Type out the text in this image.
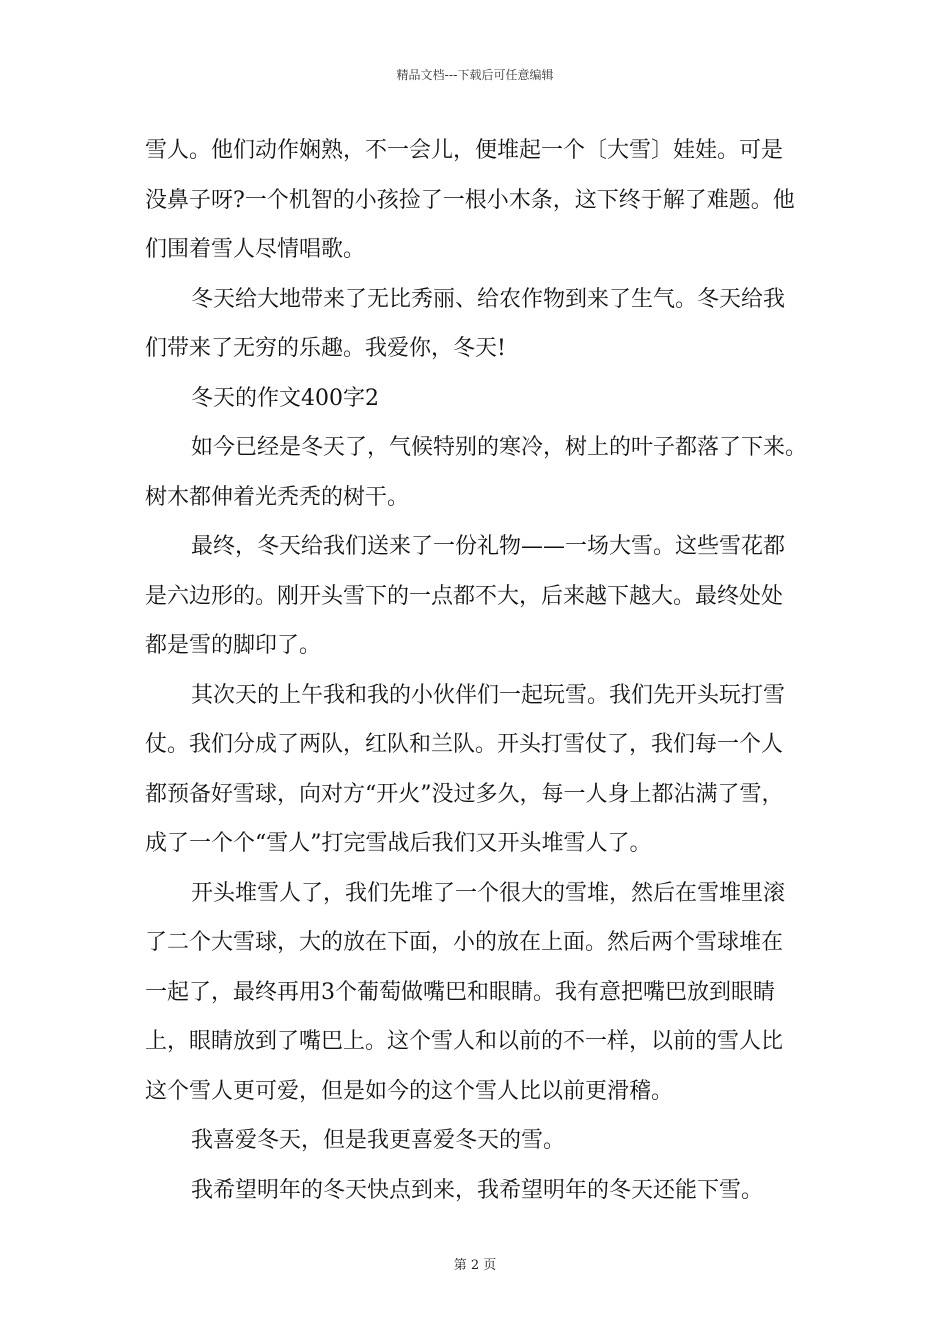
精品文档---下载后可任意编辑
雪人。他们动作娴熟，不一会儿，便堆起一个〔大雪〕娃娃。可是
没鼻子呀?一个机智的小孩捡了一根小木条，这下终于解了难题。他
们围着雪人尽情唱歌。
冬天给大地带来了无比秀丽、给农作物到来了生气。冬天给我
们带来了无穷的乐趣。我爱你，冬天!
冬天的作文400字2
如今已经是冬天了，气候特别的寒冷，树上的叶子都落了下来。
树木都伸着光秃秃的树干。
最终，冬天给我们送来了一份礼物——一场大雪。这些雪花都
是六边形的。刚开头雪下的一点都不大，后来越下越大。最终处处
都是雪的脚印了。
其次天的上午我和我的小伙伴们一起玩雪。我们先开头玩打雪
仗。我们分成了两队，红队和兰队。开头打雪仗了，我们每一个人
都预备好雪球，向对方“开火”没过多久，每一人身上都沾满了雪，
成了一个个“雪人”打完雪战后我们又开头堆雪人了。
开头堆雪人了，我们先堆了一个很大的雪堆，然后在雪堆里滚
了二个大雪球，大的放在下面，小的放在上面。然后两个雪球堆在
一起了，最终再用3个葡萄做嘴巴和眼睛。我有意把嘴巴放到眼睛
上，眼睛放到了嘴巴上。这个雪人和以前的不一样，以前的雪人比
这个雪人更可爱，但是如今的这个雪人比以前更滑稽。
我喜爱冬天，但是我更喜爱冬天的雪。
我希望明年的冬天快点到来，我希望明年的冬天还能下雪。
第 2 页
